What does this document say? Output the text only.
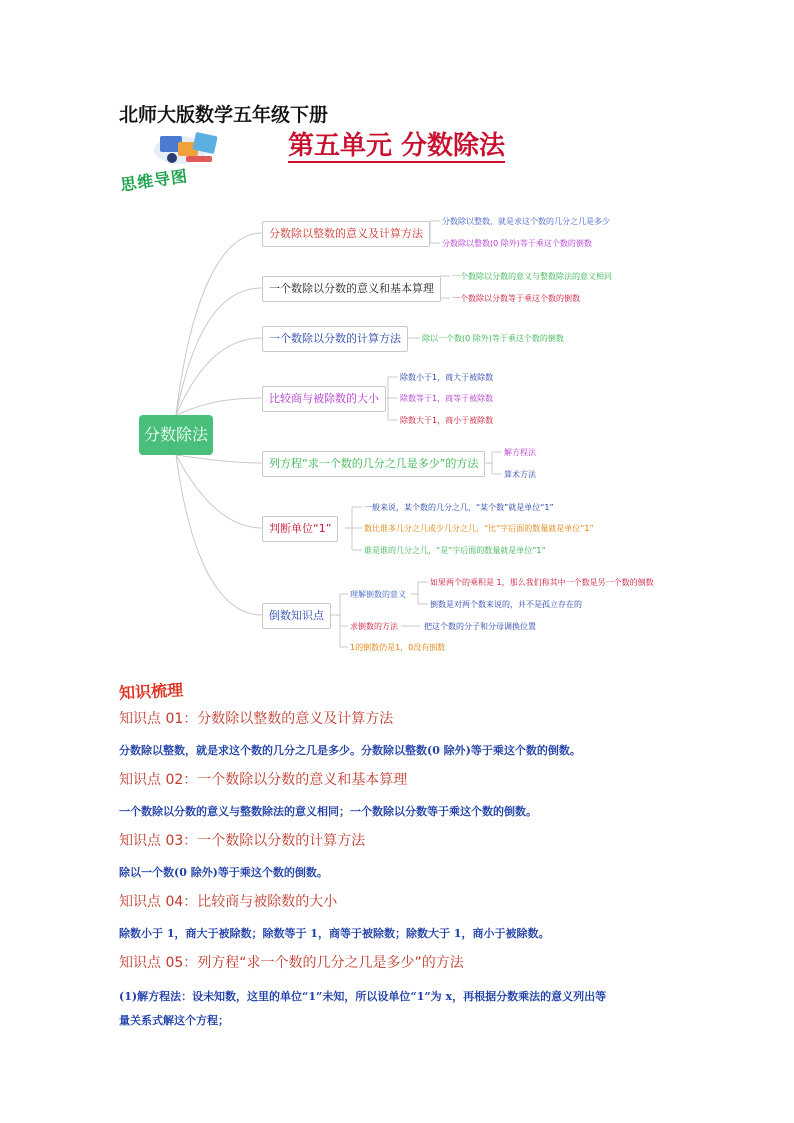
北师大版数学五年级下册
第五单元 分数除法
思维导图
分数除法
分数除以整数的意义及计算方法
一个数除以分数的意义和基本算理
一个数除以分数的计算方法
比较商与被除数的大小
列方程“求一个数的几分之几是多少”的方法
判断单位“1”
倒数知识点
分数除以整数，就是求这个数的几分之几是多少
分数除以整数(0 除外)等于乘这个数的倒数
一个数除以分数的意义与整数除法的意义相同
一个数除以分数等于乘这个数的倒数
除以一个数(0 除外)等于乘这个数的倒数
除数小于1，商大于被除数
除数等于1，商等于被除数
除数大于1，商小于被除数
解方程法
算术方法
一般来说，某个数的几分之几，“某个数”就是单位“1”
数比谁多几分之几或少几分之几，“比”字后面的数量就是单位“1”
谁是谁的几分之几，“是”字后面的数量就是单位“1”
理解倒数的意义
如果两个的乘积是 1，那么我们称其中一个数是另一个数的倒数
倒数是对两个数来说的，并不是孤立存在的
求倒数的方法	把这个数的分子和分母调换位置
1的倒数仍是1，0没有倒数
知识梳理
知识点 01：分数除以整数的意义及计算方法
分数除以整数，就是求这个数的几分之几是多少。分数除以整数(0 除外)等于乘这个数的倒数。
知识点 02：一个数除以分数的意义和基本算理
一个数除以分数的意义与整数除法的意义相同；一个数除以分数等于乘这个数的倒数。
知识点 03：一个数除以分数的计算方法
除以一个数(0 除外)等于乘这个数的倒数。
知识点 04：比较商与被除数的大小
除数小于 1，商大于被除数；除数等于 1，商等于被除数；除数大于 1，商小于被除数。
知识点 05：列方程“求一个数的几分之几是多少”的方法
(1)解方程法：设未知数，这里的单位“1”未知，所以设单位“1”为 x，再根据分数乘法的意义列出等
量关系式解这个方程；
